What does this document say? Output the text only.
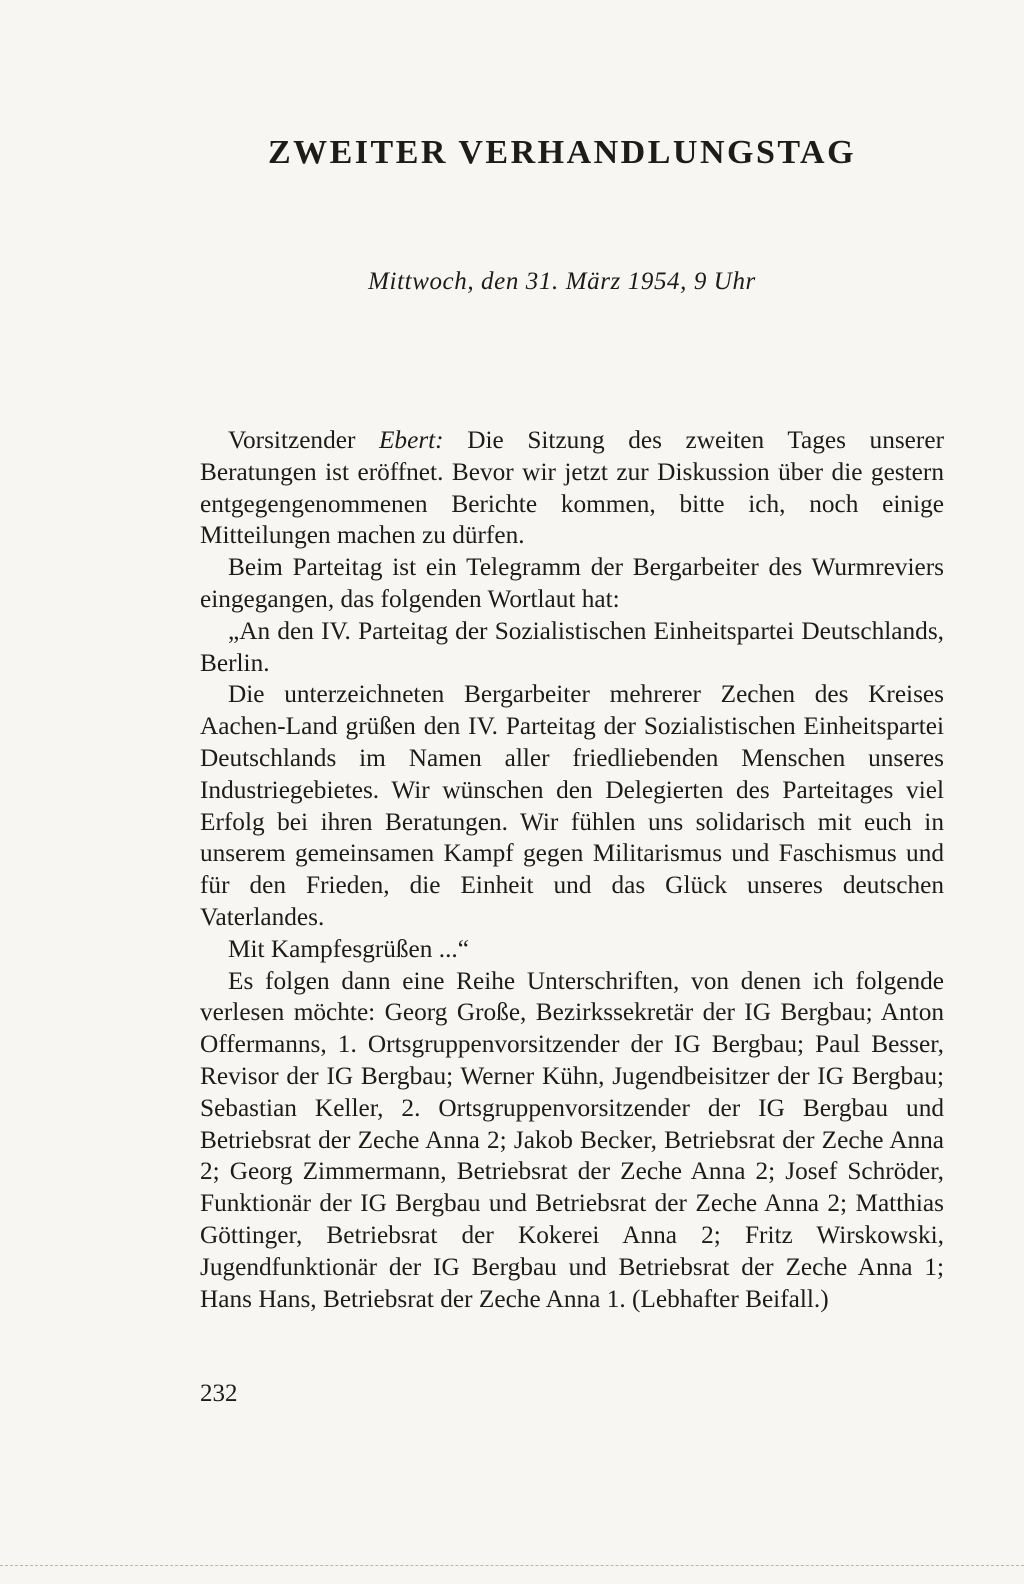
ZWEITER VERHANDLUNGSTAG

Mittwoch, den 31. März 1954, 9 Uhr

Vorsitzender Ebert: Die Sitzung des zweiten Tages unserer Beratungen ist eröffnet. Bevor wir jetzt zur Diskussion über die gestern entgegengenommenen Berichte kommen, bitte ich, noch einige Mitteilungen machen zu dürfen.

Beim Parteitag ist ein Telegramm der Bergarbeiter des Wurmreviers eingegangen, das folgenden Wortlaut hat:

„An den IV. Parteitag der Sozialistischen Einheitspartei Deutschlands, Berlin.

Die unterzeichneten Bergarbeiter mehrerer Zechen des Kreises Aachen-Land grüßen den IV. Parteitag der Sozialistischen Einheitspartei Deutschlands im Namen aller friedliebenden Menschen unseres Industriegebietes. Wir wünschen den Delegierten des Parteitages viel Erfolg bei ihren Beratungen. Wir fühlen uns solidarisch mit euch in unserem gemeinsamen Kampf gegen Militarismus und Faschismus und für den Frieden, die Einheit und das Glück unseres deutschen Vaterlandes.

Mit Kampfesgrüßen ...“

Es folgen dann eine Reihe Unterschriften, von denen ich folgende verlesen möchte: Georg Große, Bezirkssekretär der IG Bergbau; Anton Offermanns, 1. Ortsgruppenvorsitzender der IG Bergbau; Paul Besser, Revisor der IG Bergbau; Werner Kühn, Jugendbeisitzer der IG Bergbau; Sebastian Keller, 2. Ortsgruppenvorsitzender der IG Bergbau und Betriebsrat der Zeche Anna 2; Jakob Becker, Betriebsrat der Zeche Anna 2; Georg Zimmermann, Betriebsrat der Zeche Anna 2; Josef Schröder, Funktionär der IG Bergbau und Betriebsrat der Zeche Anna 2; Matthias Göttinger, Betriebsrat der Kokerei Anna 2; Fritz Wirskowski, Jugendfunktionär der IG Bergbau und Betriebsrat der Zeche Anna 1; Hans Hans, Betriebsrat der Zeche Anna 1. (Lebhafter Beifall.)

232
